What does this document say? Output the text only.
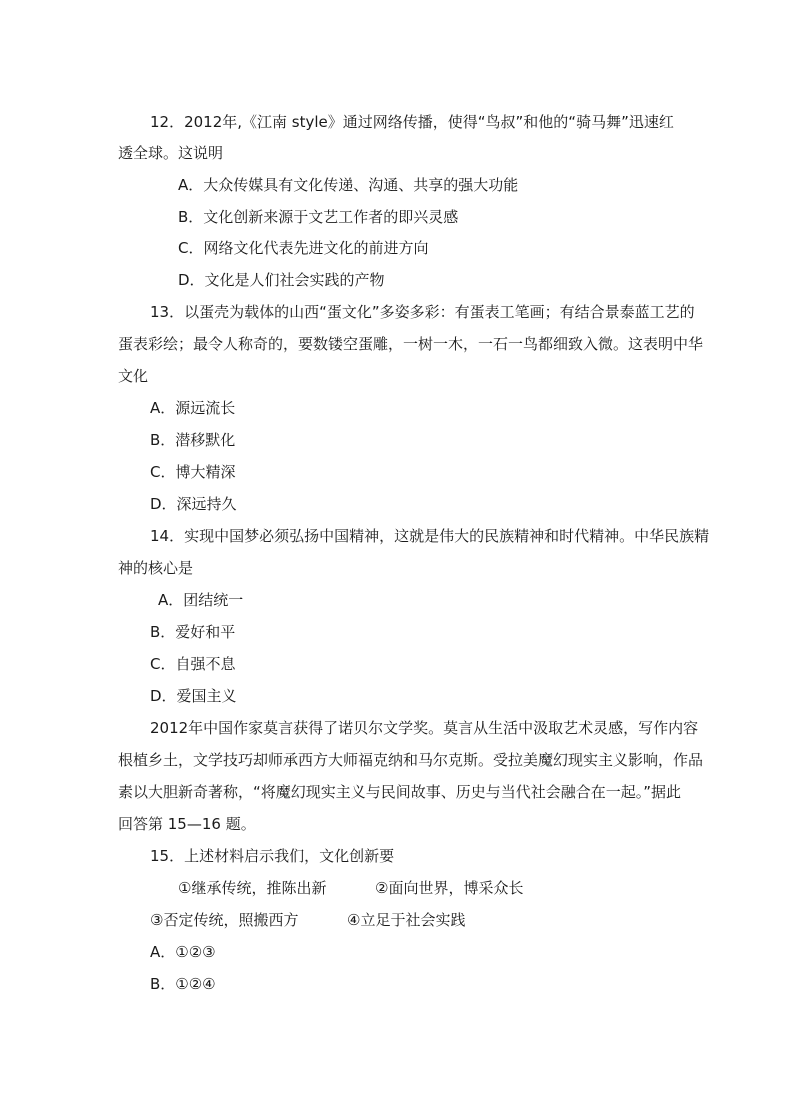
12．2012年,《江南 style》通过网络传播，使得“鸟叔”和他的“骑马舞”迅速红
透全球。这说明
A．大众传媒具有文化传递、沟通、共享的强大功能
B．文化创新来源于文艺工作者的即兴灵感
C．网络文化代表先进文化的前进方向
D．文化是人们社会实践的产物
13．以蛋壳为载体的山西“蛋文化”多姿多彩：有蛋表工笔画；有结合景泰蓝工艺的
蛋表彩绘；最令人称奇的，要数镂空蛋雕，一树一木，一石一鸟都细致入微。这表明中华
文化
A．源远流长
B．潜移默化
C．博大精深
D．深远持久
14．实现中国梦必须弘扬中国精神，这就是伟大的民族精神和时代精神。中华民族精
神的核心是
A．团结统一
B．爱好和平
C．自强不息
D．爱国主义
2012年中国作家莫言获得了诺贝尔文学奖。莫言从生活中汲取艺术灵感，写作内容
根植乡土，文学技巧却师承西方大师福克纳和马尔克斯。受拉美魔幻现实主义影响，作品
素以大胆新奇著称，“将魔幻现实主义与民间故事、历史与当代社会融合在一起。”据此
回答第 15—16 题。
15．上述材料启示我们，文化创新要
①继承传统，推陈出新	②面向世界，博采众长
③否定传统，照搬西方	④立足于社会实践
A．①②③
B．①②④
